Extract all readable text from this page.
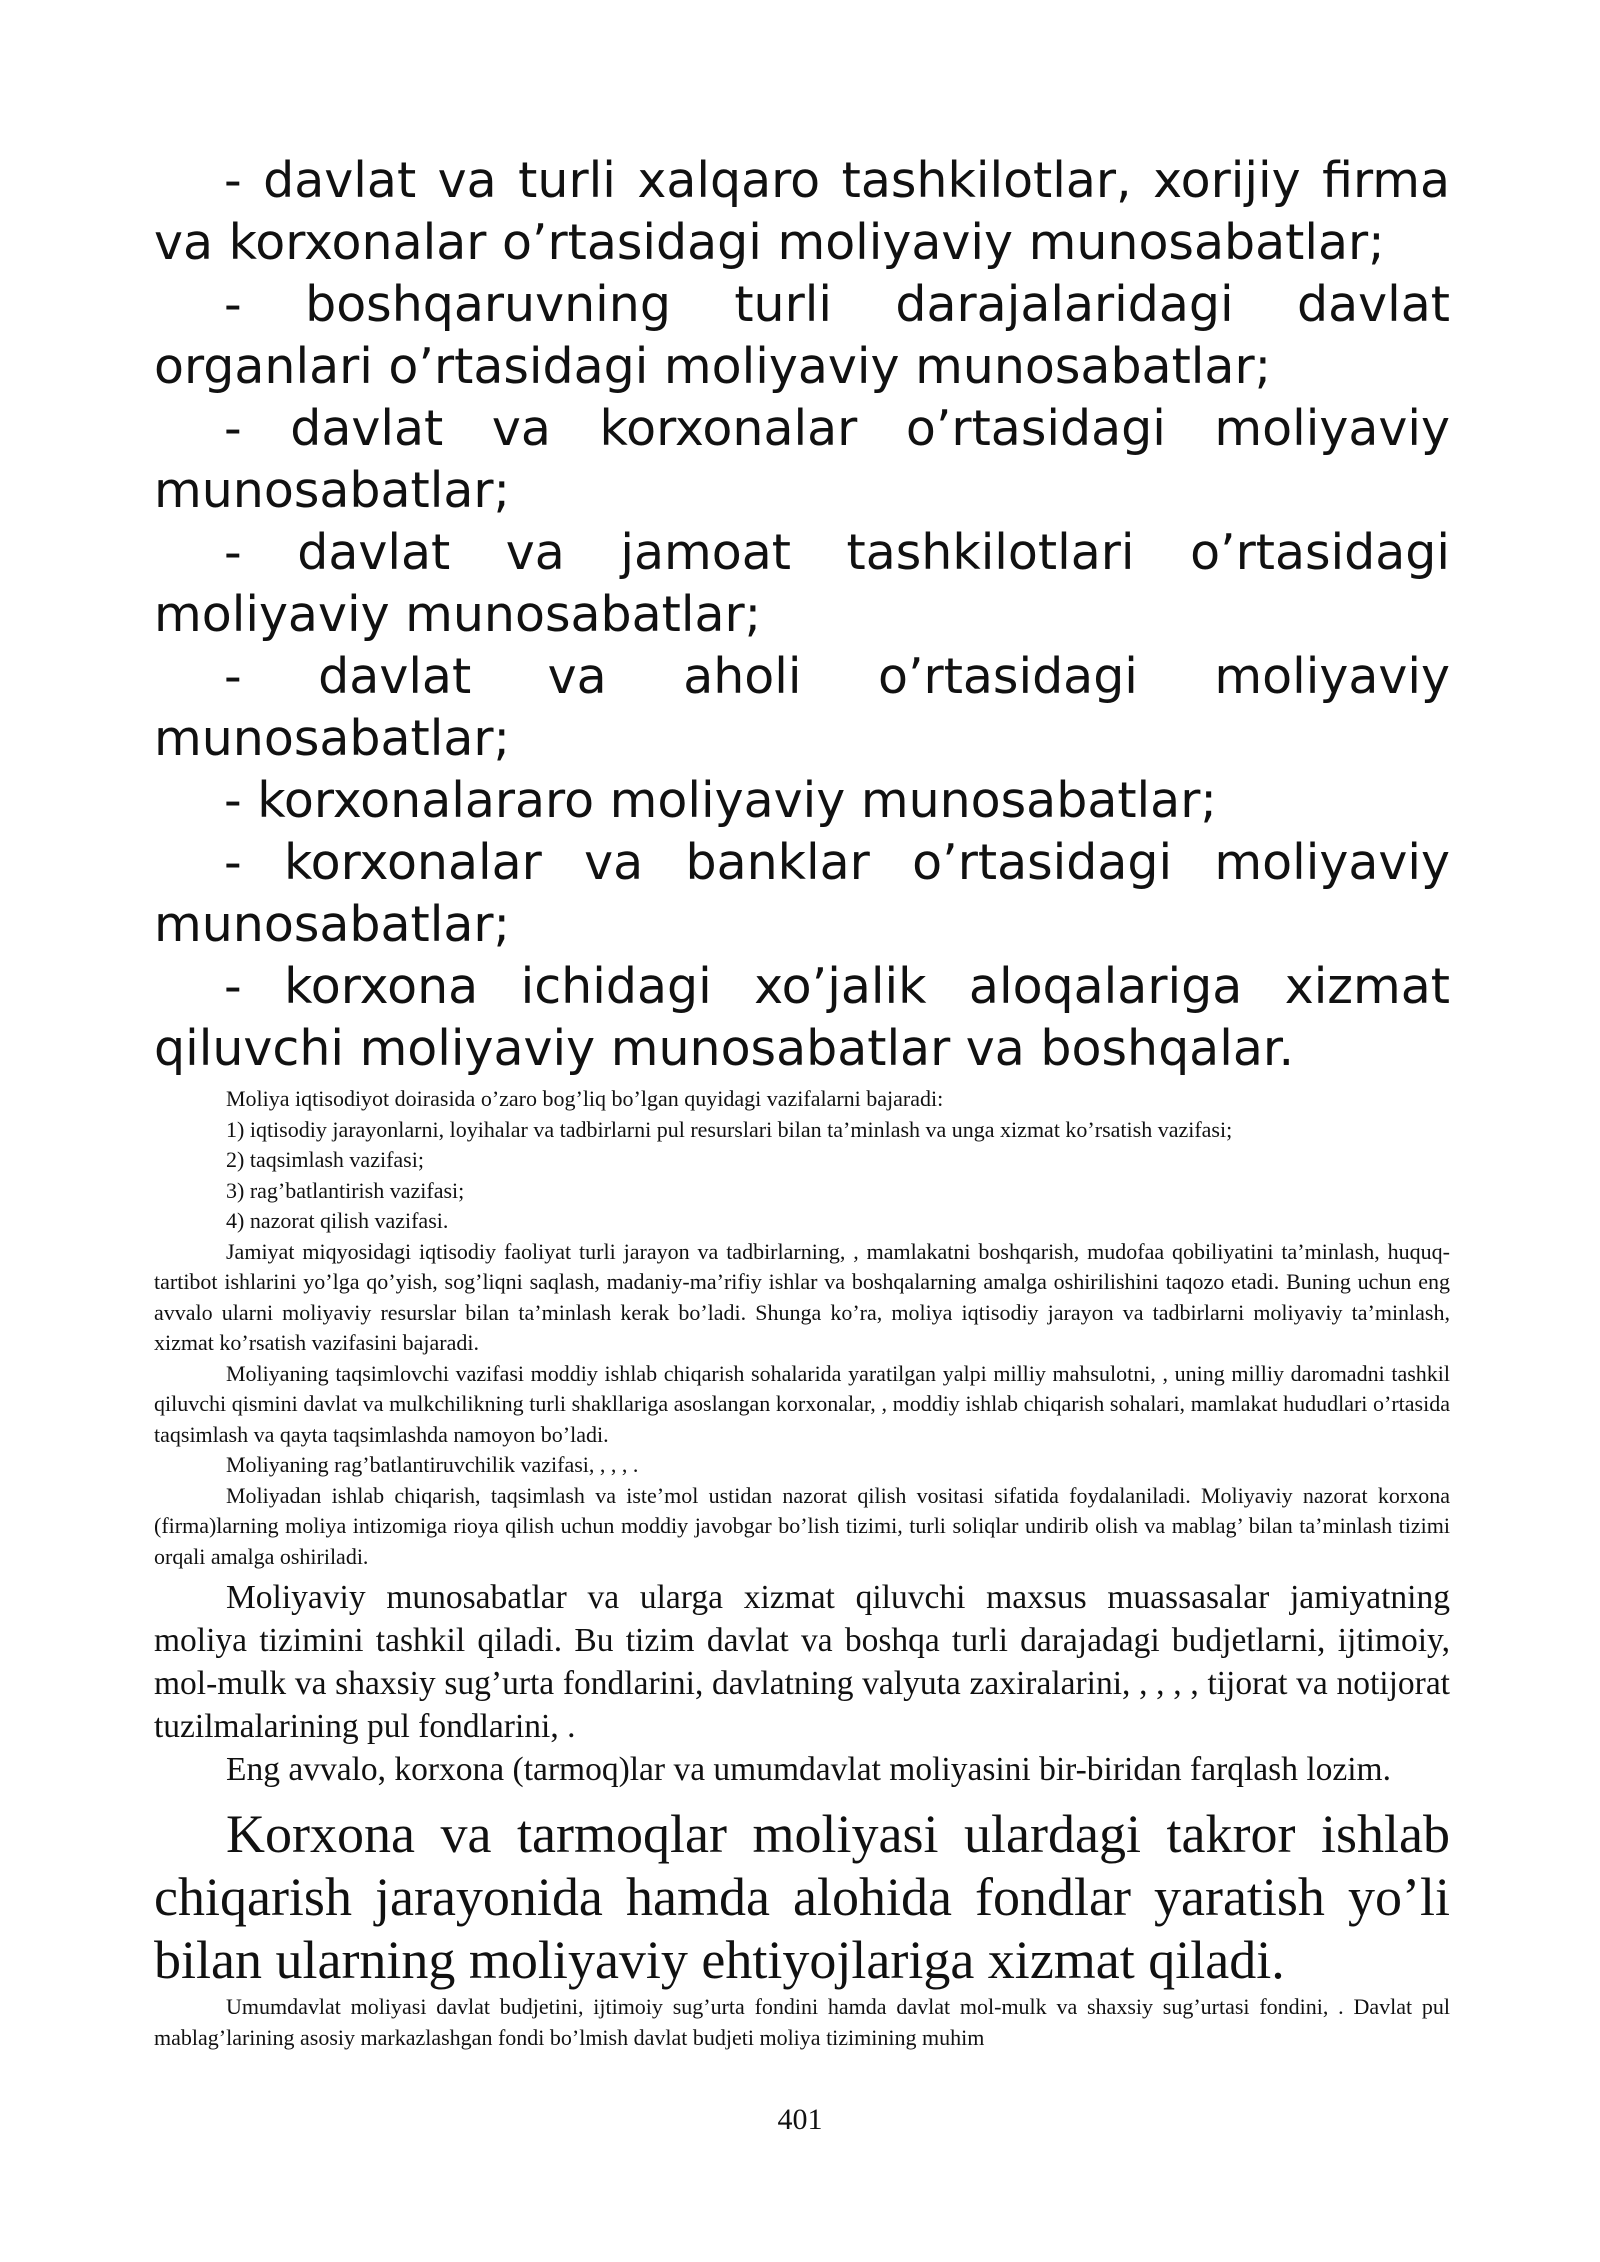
- davlat va turli xalqaro tashkilotlar, xorijiy firma va korxonalar o’rtasidagi moliyaviy munosabatlar;

- boshqaruvning turli darajalaridagi davlat organlari o’rtasidagi moliyaviy munosabatlar;

- davlat va korxonalar o’rtasidagi moliyaviy munosabatlar;

- davlat va jamoat tashkilotlari o’rtasidagi moliyaviy munosabatlar;

- davlat va aholi o’rtasidagi moliyaviy munosabatlar;

- korxonalararo moliyaviy munosabatlar;

- korxonalar va banklar o’rtasidagi moliyaviy munosabatlar;

- korxona ichidagi xo’jalik aloqalariga xizmat qiluvchi moliyaviy munosabatlar va boshqalar.

Moliya iqtisodiyot doirasida o’zaro bog’liq bo’lgan quyidagi vazifalarni bajaradi:

1) iqtisodiy jarayonlarni, loyihalar va tadbirlarni pul resurslari bilan ta’minlash va unga xizmat ko’rsatish vazifasi;

2) taqsimlash vazifasi;

3) rag’batlantirish vazifasi;

4) nazorat qilish vazifasi.

Jamiyat miqyosidagi iqtisodiy faoliyat turli jarayon va tadbirlarning, , mamlakatni boshqarish, mudofaa qobiliyatini ta’minlash, huquq-tartibot ishlarini yo’lga qo’yish, sog’liqni saqlash, madaniy-ma’rifiy ishlar va boshqalarning amalga oshirilishini taqozo etadi. Buning uchun eng avvalo ularni moliyaviy resurslar bilan ta’minlash kerak bo’ladi. Shunga ko’ra, moliya iqtisodiy jarayon va tadbirlarni moliyaviy ta’minlash, xizmat ko’rsatish vazifasini bajaradi.

Moliyaning taqsimlovchi vazifasi moddiy ishlab chiqarish sohalarida yaratilgan yalpi milliy mahsulotni, , uning milliy daromadni tashkil qiluvchi qismini davlat va mulkchilikning turli shakllariga asoslangan korxonalar, , moddiy ishlab chiqarish sohalari, mamlakat hududlari o’rtasida taqsimlash va qayta taqsimlashda namoyon bo’ladi.

Moliyaning rag’batlantiruvchilik vazifasi, , , , .

Moliyadan ishlab chiqarish, taqsimlash va iste’mol ustidan nazorat qilish vositasi sifatida foydalaniladi. Moliyaviy nazorat korxona (firma)larning moliya intizomiga rioya qilish uchun moddiy javobgar bo’lish tizimi, turli soliqlar undirib olish va mablag’ bilan ta’minlash tizimi orqali amalga oshiriladi.

Moliyaviy munosabatlar va ularga xizmat qiluvchi maxsus muassasalar jamiyatning moliya tizimini tashkil qiladi. Bu tizim davlat va boshqa turli darajadagi budjetlarni, ijtimoiy, mol-mulk va shaxsiy sug’urta fondlarini, davlatning valyuta zaxiralarini, , , , , tijorat va notijorat tuzilmalarining pul fondlarini, .

Eng avvalo, korxona (tarmoq)lar va umumdavlat moliyasini bir-biridan farqlash lozim.

Korxona va tarmoqlar moliyasi ulardagi takror ishlab chiqarish jarayonida hamda alohida fondlar yaratish yo’li bilan ularning moliyaviy ehtiyojlariga xizmat qiladi.

Umumdavlat moliyasi davlat budjetini, ijtimoiy sug’urta fondini hamda davlat mol-mulk va shaxsiy sug’urtasi fondini, . Davlat pul mablag’larining asosiy markazlashgan fondi bo’lmish davlat budjeti moliya tizimining muhim

401
